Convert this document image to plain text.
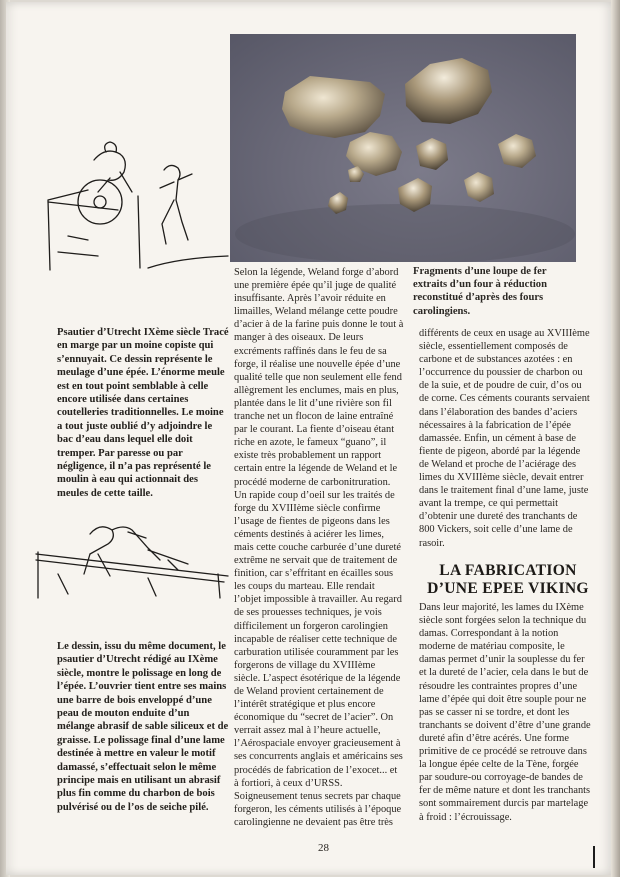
Fragments d’une loupe de fer extraits d’un four à réduction reconstitué d’après des fours carolingiens.
Psautier d’Utrecht IXème siècle Tracé en marge par un moine copiste qui s’ennuyait. Ce dessin représente le meulage d’une épée. L’énorme meule est en tout point semblable à celle encore utilisée dans certaines coutelleries traditionnelles. Le moine a tout juste oublié d’y adjoindre le bac d’eau dans lequel elle doit tremper. Par paresse ou par négligence, il n’a pas représenté le moulin à eau qui actionnait des meules de cette taille.
Le dessin, issu du même document, le psautier d’Utrecht rédigé au IXème siècle, montre le polissage en long de l’épée. L’ouvrier tient entre ses mains une barre de bois enveloppé d’une peau de mouton enduite d’un mélange abrasif de sable siliceux et de graisse. Le polissage final d’une lame destinée à mettre en valeur le motif damassé, s’effectuait selon le même principe mais en utilisant un abrasif plus fin comme du charbon de bois pulvérisé ou de l’os de seiche pilé.
Selon la légende, Weland forge d’abord une première épée qu’il juge de qualité insuffisante. Après l’avoir réduite en limailles, Weland mélange cette poudre d’acier à de la farine puis donne le tout à manger à des oiseaux. De leurs excréments raffinés dans le feu de sa forge, il réalise une nouvelle épée d’une qualité telle que non seulement elle fend allègrement les enclumes, mais en plus, plantée dans le lit d’une rivière son fil tranche net un flocon de laine entraîné par le courant. La fiente d’oiseau étant riche en azote, le fameux “guano”, il existe très probablement un rapport certain entre la légende de Weland et le procédé moderne de carbonitruration. Un rapide coup d’oeil sur les traités de forge du XVIIIème siècle confirme l’usage de fientes de pigeons dans les céments destinés à aciérer les limes, mais cette couche carburée d’une dureté extrême ne servait que de traitement de finition, car s’effritant en écailles sous les coups du marteau. Elle rendait l’objet impossible à travailler. Au regard de ses prouesses techniques, je vois difficilement un forgeron carolingien incapable de réaliser cette technique de carburation utilisée couramment par les forgerons de village du XVIIIème siècle. L’aspect ésotérique de la légende de Weland provient certainement de l’intérêt stratégique et plus encore économique du “secret de l’acier”. On verrait assez mal à l’heure actuelle, l’Aérospaciale envoyer gracieusement à ses concurrents anglais et américains ses procédés de fabrication de l’exocet... et à fortiori, à ceux d’URSS. Soigneusement tenus secrets par chaque forgeron, les céments utilisés à l’époque carolingienne ne devaient pas être très
différents de ceux en usage au XVIIIème siècle, essentiellement composés de carbone et de substances azotées : en l’occurrence du poussier de charbon ou de la suie, et de poudre de cuir, d’os ou de corne. Ces céments courants servaient dans l’élaboration des bandes d’aciers nécessaires à la fabrication de l’épée damassée. Enfin, un cément à base de fiente de pigeon, abordé par la légende de Weland et proche de l’aciérage des limes du XVIIIème siècle, devait entrer dans le traitement final d’une lame, juste avant la trempe, ce qui permettait d’obtenir une dureté des tranchants de 800 Vickers, soit celle d’une lame de rasoir.
LA FABRICATION
D’UNE EPEE VIKING
Dans leur majorité, les lames du IXème siècle sont forgées selon la technique du damas. Correspondant à la notion moderne de matériau composite, le damas permet d’unir la souplesse du fer et la dureté de l’acier, cela dans le but de résoudre les contraintes propres d’une lame d’épée qui doit être souple pour ne pas se casser ni se tordre, et dont les tranchants se doivent d’être d’une grande dureté afin d’être acérés. Une forme primitive de ce procédé se retrouve dans la longue épée celte de la Tène, forgée par soudure-ou corroyage-de bandes de fer de même nature et dont les tranchants sont sommairement durcis par martelage à froid : l’écrouissage.
28
